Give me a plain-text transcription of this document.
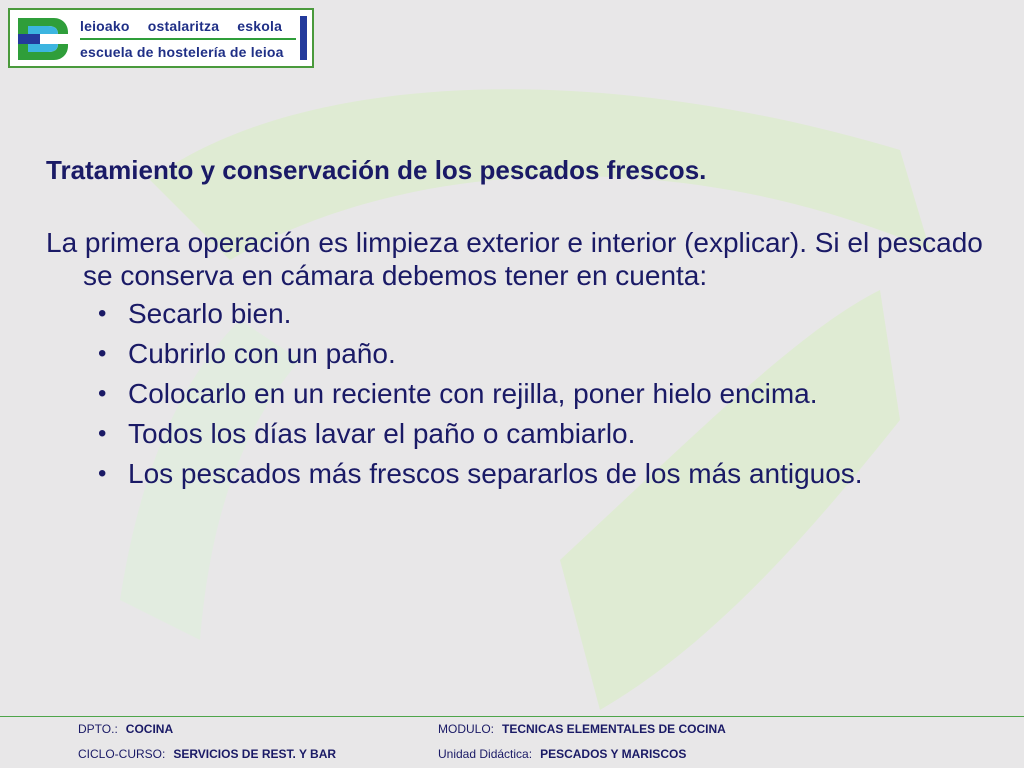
leioako ostalaritza eskola
escuela de hostelería de leioa
Tratamiento y conservación de los pescados frescos.
La primera operación es limpieza exterior e interior (explicar). Si el pescado se conserva en cámara debemos tener en cuenta:
• Secarlo bien.
• Cubrirlo con un paño.
• Colocarlo en un reciente con rejilla, poner hielo encima.
• Todos los días lavar el paño o cambiarlo.
• Los pescados más frescos separarlos de los más antiguos.
DPTO.: COCINA	MODULO: TECNICAS ELEMENTALES DE COCINA
CICLO-CURSO: SERVICIOS DE REST. Y BAR	Unidad Didáctica: PESCADOS Y MARISCOS
